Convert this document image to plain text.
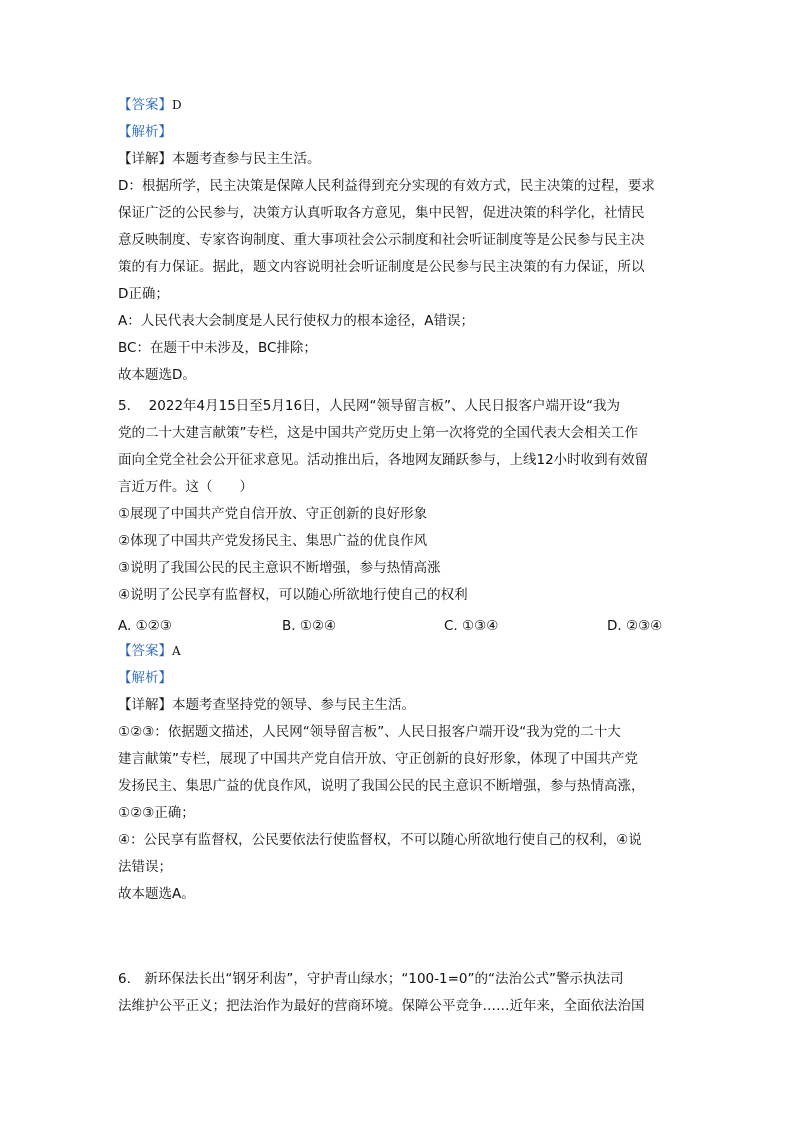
【答案】D
【解析】
【详解】本题考查参与民主生活。
D：根据所学，民主决策是保障人民利益得到充分实现的有效方式，民主决策的过程，要求
保证广泛的公民参与，决策方认真听取各方意见，集中民智，促进决策的科学化，社情民
意反映制度、专家咨询制度、重大事项社会公示制度和社会听证制度等是公民参与民主决
策的有力保证。据此，题文内容说明社会听证制度是公民参与民主决策的有力保证，所以
D正确；
A：人民代表大会制度是人民行使权力的根本途径，A错误；
BC：在题干中未涉及，BC排除；
故本题选D。
5.　 2022年4月15日至5月16日，人民网“领导留言板”、人民日报客户端开设“我为
党的二十大建言献策”专栏，这是中国共产党历史上第一次将党的全国代表大会相关工作
面向全党全社会公开征求意见。活动推出后，各地网友踊跃参与，上线12小时收到有效留
言近万件。这（　　）
①展现了中国共产党自信开放、守正创新的良好形象
②体现了中国共产党发扬民主、集思广益的优良作风
③说明了我国公民的民主意识不断增强，参与热情高涨
④说明了公民享有监督权，可以随心所欲地行使自己的权利
A. ①②③	B. ①②④	C. ①③④	D. ②③④
【答案】A
【解析】
【详解】本题考查坚持党的领导、参与民主生活。
①②③：依据题文描述，人民网“领导留言板”、人民日报客户端开设“我为党的二十大
建言献策”专栏，展现了中国共产党自信开放、守正创新的良好形象，体现了中国共产党
发扬民主、集思广益的优良作风，说明了我国公民的民主意识不断增强，参与热情高涨，
①②③正确；
④：公民享有监督权，公民要依法行使监督权，不可以随心所欲地行使自己的权利，④说
法错误；
故本题选A。
6.　新环保法长出“钢牙利齿”，守护青山绿水；“100-1=0”的“法治公式”警示执法司
法维护公平正义；把法治作为最好的营商环境。保障公平竞争……近年来，全面依法治国
